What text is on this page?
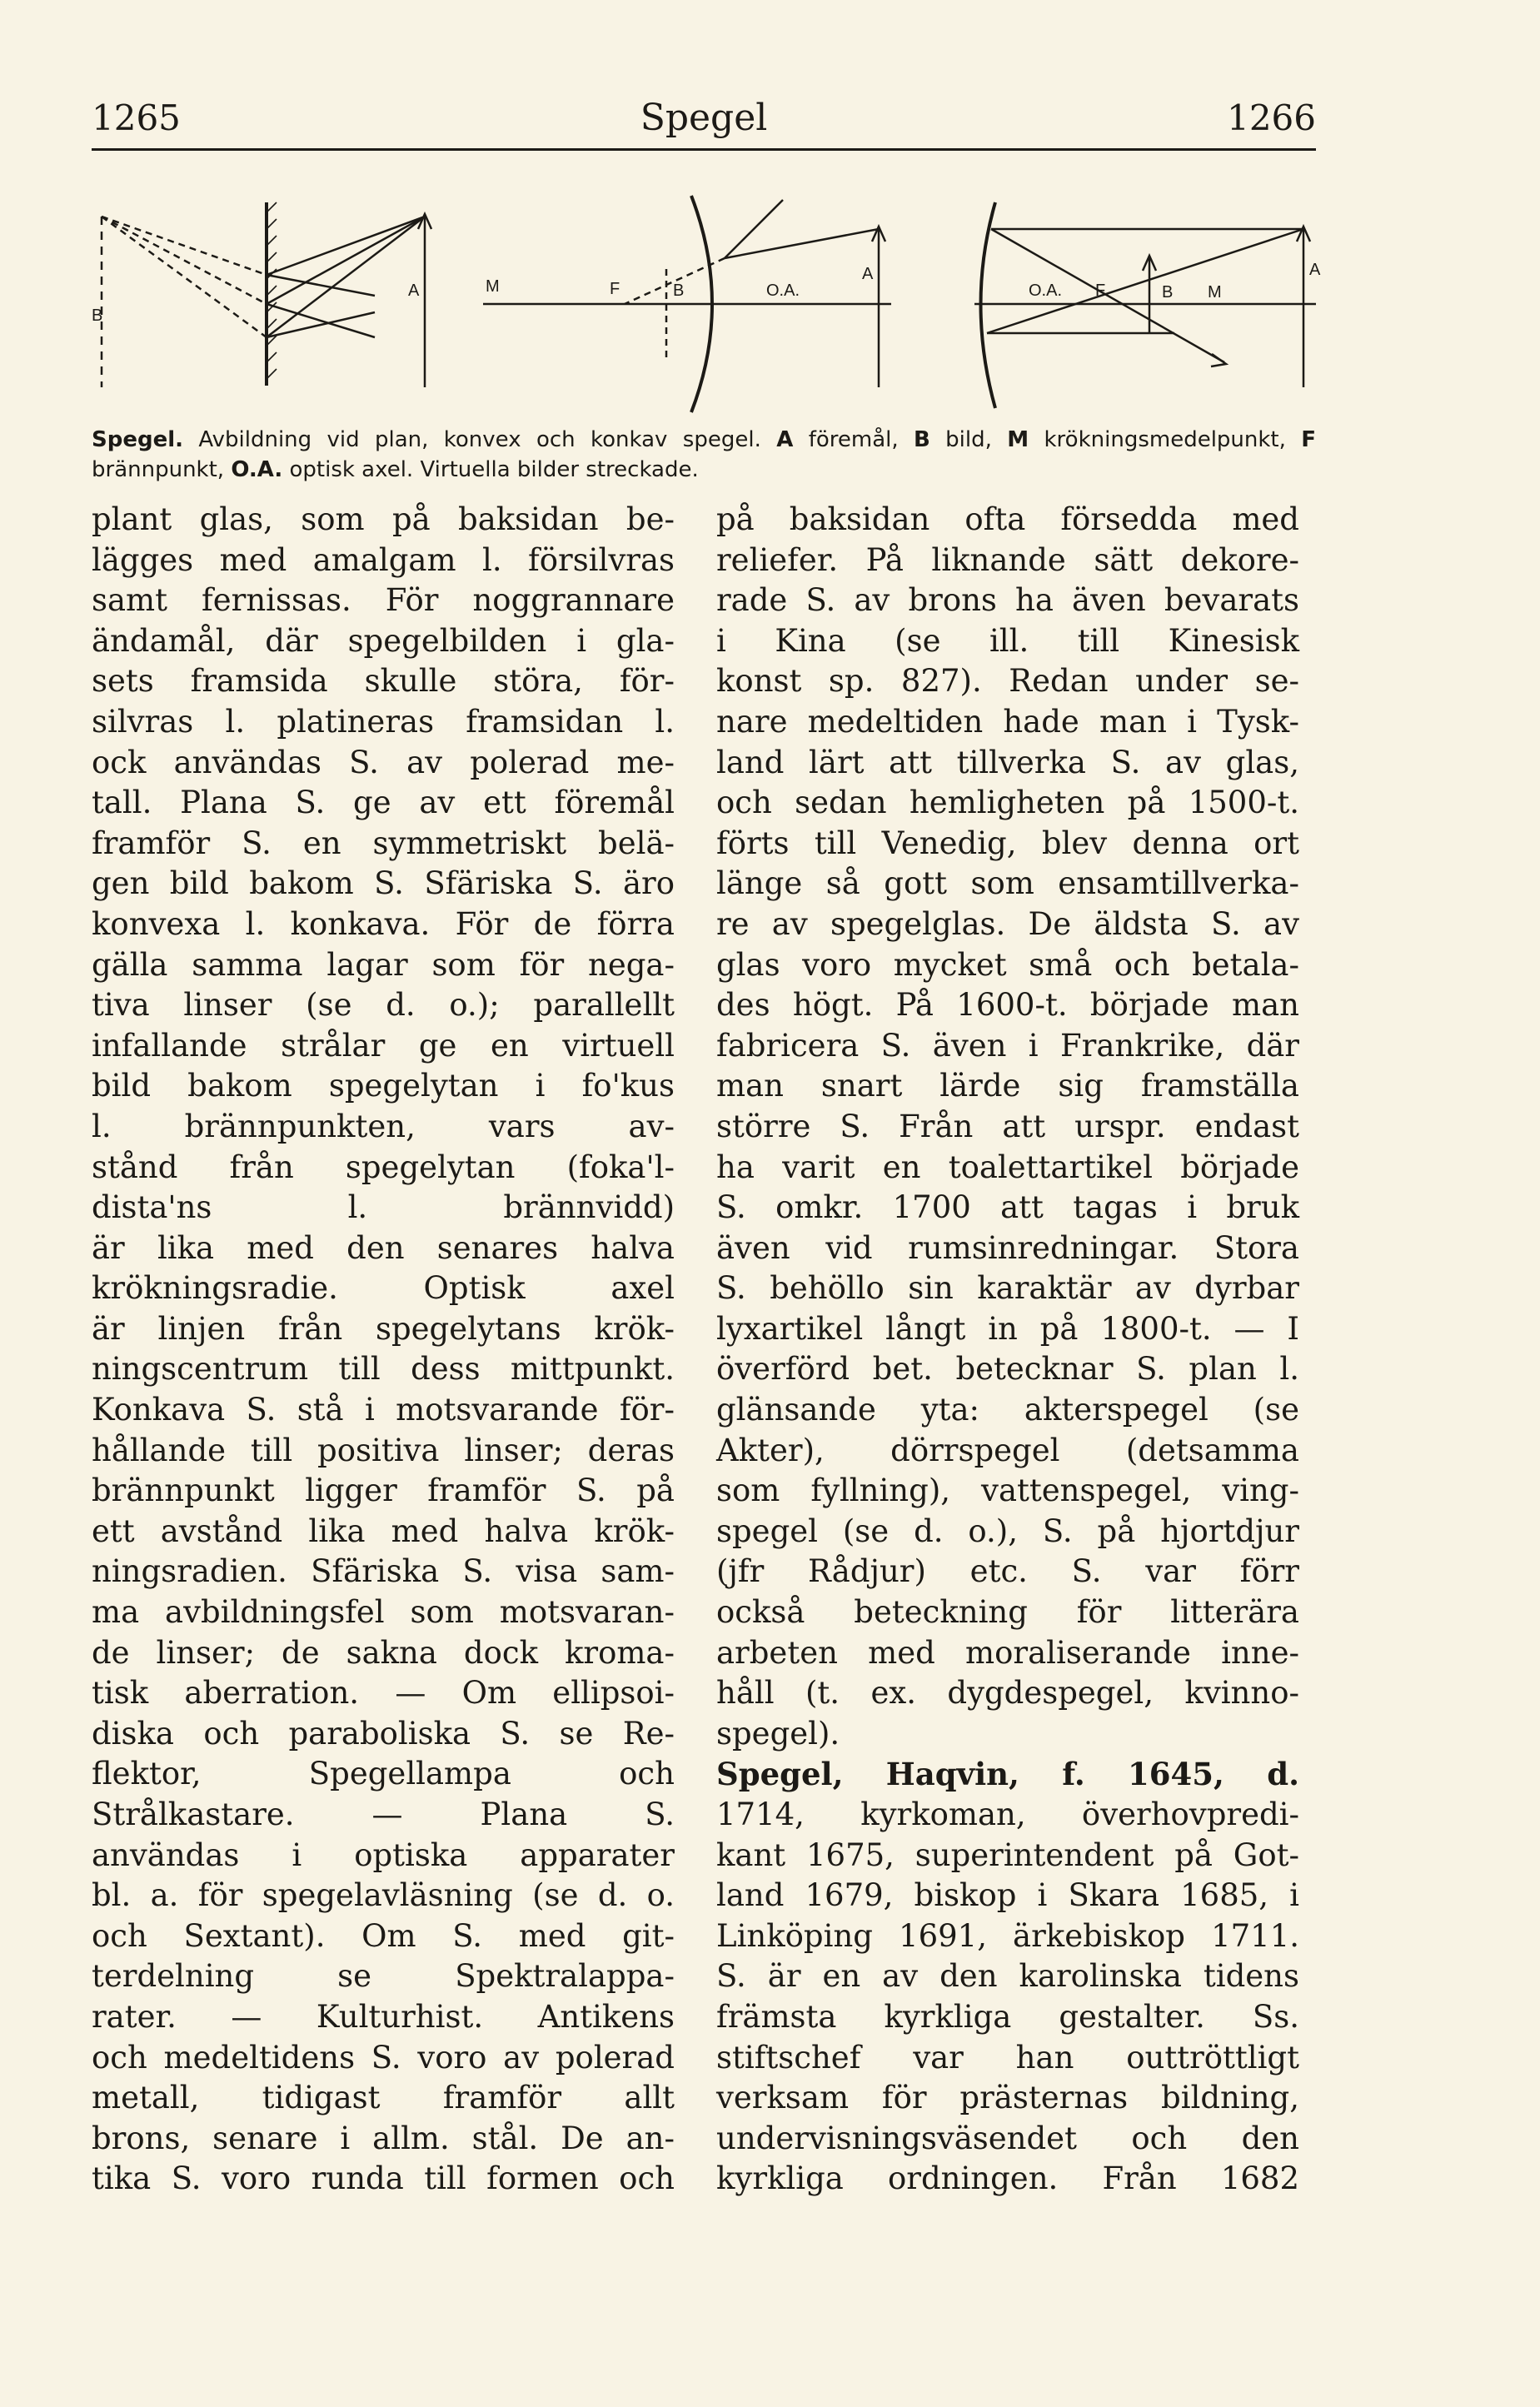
1265	Spegel	1266
B
A	M	F	B	O.A.
A
O.A. F	B M
A
Spegel. Avbildning vid plan, konvex och konkav spegel. A föremål, B bild, M krökningsmedelpunkt, F brännpunkt, O.A. optisk axel. Virtuella bilder streckade.
plant glas, som på baksidan be-
lägges med amalgam l. försilvras
samt fernissas. För noggrannare
ändamål, där spegelbilden i gla-
sets framsida skulle störa, för-
silvras l. platineras framsidan l.
ock användas S. av polerad me-
tall. Plana S. ge av ett föremål
framför S. en symmetriskt belä-
gen bild bakom S. Sfäriska S. äro
konvexa l. konkava. För de förra
gälla samma lagar som för nega-
tiva linser (se d. o.); parallellt
infallande strålar ge en virtuell
bild bakom spegelytan i fo'kus
l. brännpunkten, vars av-
stånd från spegelytan (foka'l-
dista'ns l. brännvidd)
är lika med den senares halva
krökningsradie. Optisk axel
är linjen från spegelytans krök-
ningscentrum till dess mittpunkt.
Konkava S. stå i motsvarande för-
hållande till positiva linser; deras
brännpunkt ligger framför S. på
ett avstånd lika med halva krök-
ningsradien. Sfäriska S. visa sam-
ma avbildningsfel som motsvaran-
de linser; de sakna dock kroma-
tisk aberration. — Om ellipsoi-
diska och paraboliska S. se Re-
flektor, Spegellampa och
Strålkastare. — Plana S.
användas i optiska apparater
bl. a. för spegelavläsning (se d. o.
och Sextant). Om S. med git-
terdelning se Spektralappa-
rater. — Kulturhist. Antikens
och medeltidens S. voro av polerad
metall, tidigast framför allt
brons, senare i allm. stål. De an-
tika S. voro runda till formen och
på baksidan ofta försedda med
reliefer. På liknande sätt dekore-
rade S. av brons ha även bevarats
i Kina (se ill. till Kinesisk
konst sp. 827). Redan under se-
nare medeltiden hade man i Tysk-
land lärt att tillverka S. av glas,
och sedan hemligheten på 1500-t.
förts till Venedig, blev denna ort
länge så gott som ensamtillverka-
re av spegelglas. De äldsta S. av
glas voro mycket små och betala-
des högt. På 1600-t. började man
fabricera S. även i Frankrike, där
man snart lärde sig framställa
större S. Från att urspr. endast
ha varit en toalettartikel började
S. omkr. 1700 att tagas i bruk
även vid rumsinredningar. Stora
S. behöllo sin karaktär av dyrbar
lyxartikel långt in på 1800-t. — I
överförd bet. betecknar S. plan l.
glänsande yta: akterspegel (se
Akter), dörrspegel (detsamma
som fyllning), vattenspegel, ving-
spegel (se d. o.), S. på hjortdjur
(jfr Rådjur) etc. S. var förr
också beteckning för litterära
arbeten med moraliserande inne-
håll (t. ex. dygdespegel, kvinno-
spegel).
Spegel, Haqvin, f. 1645, d.
1714, kyrkoman, överhovpredi-
kant 1675, superintendent på Got-
land 1679, biskop i Skara 1685, i
Linköping 1691, ärkebiskop 1711.
S. är en av den karolinska tidens
främsta kyrkliga gestalter. Ss.
stiftschef var han outtröttligt
verksam för prästernas bildning,
undervisningsväsendet och den
kyrkliga ordningen. Från 1682
